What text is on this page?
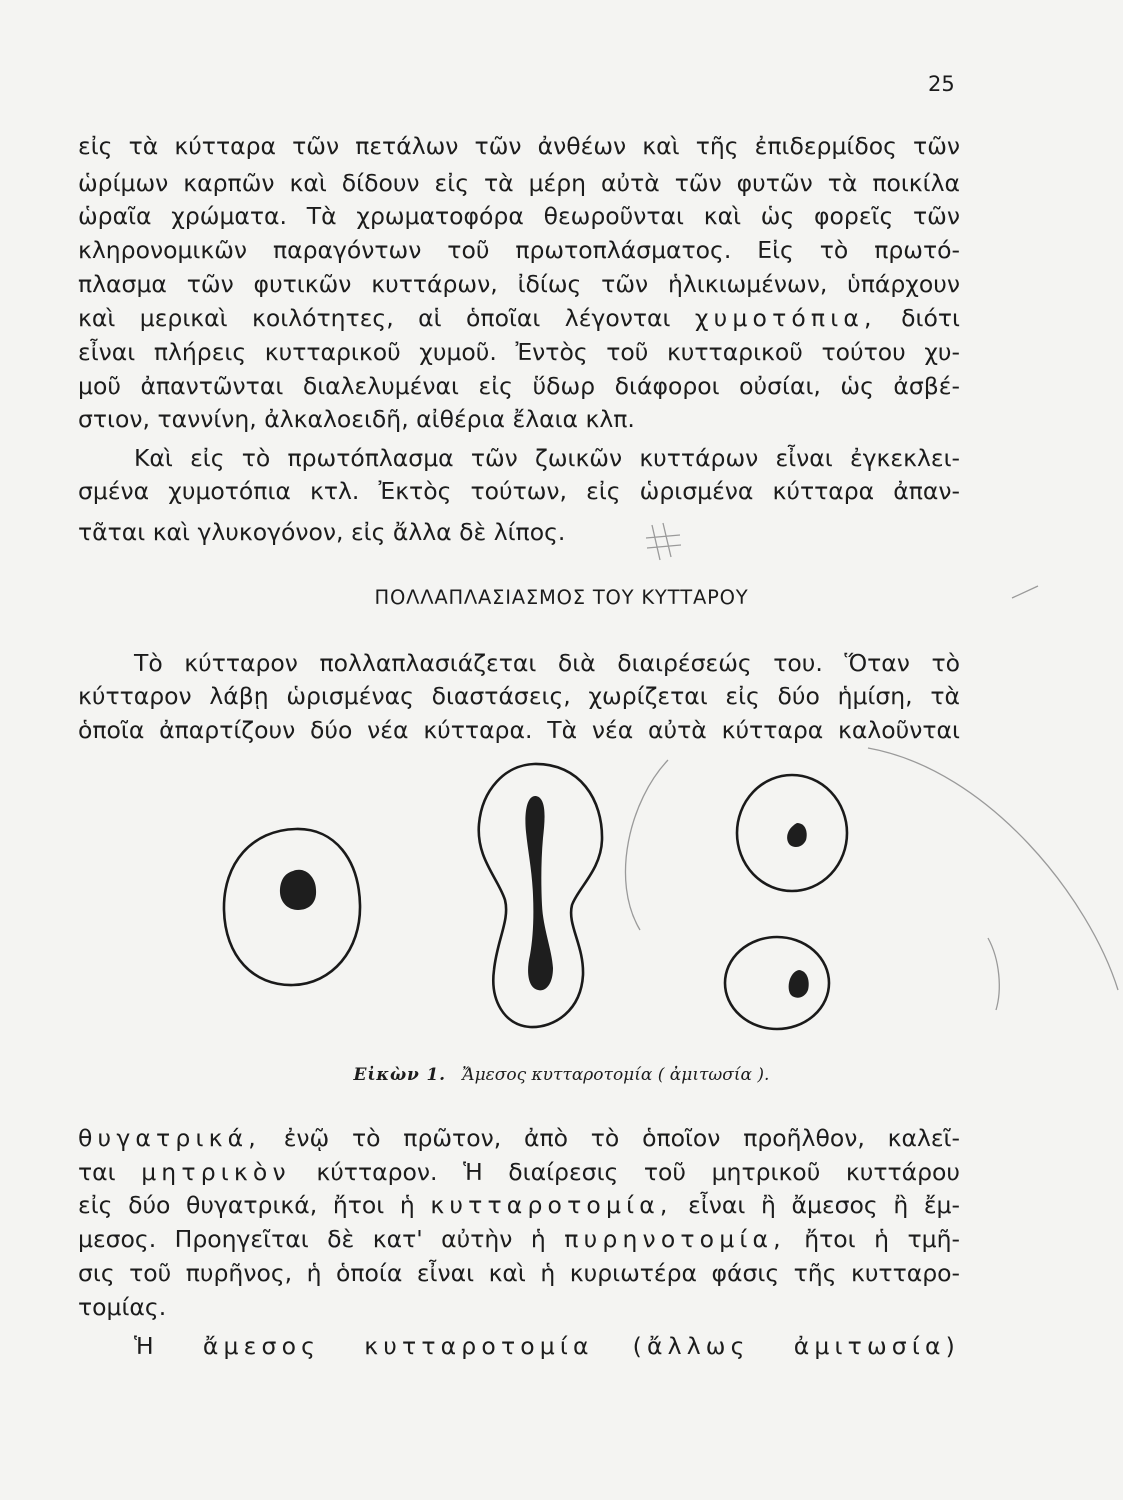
25
εἰς τὰ κύτταρα τῶν πετάλων τῶν ἀνθέων καὶ τῆς ἐπιδερμίδος τῶν
ὡρίμων καρπῶν καὶ δίδουν εἰς τὰ μέρη αὐτὰ τῶν φυτῶν τὰ ποικίλα
ὡραῖα χρώματα. Τὰ χρωματοφόρα θεωροῦνται καὶ ὡς φορεῖς τῶν
κληρονομικῶν παραγόντων τοῦ πρωτοπλάσματος. Εἰς τὸ πρωτό-
πλασμα τῶν φυτικῶν κυττάρων, ἰδίως τῶν ἡλικιωμένων, ὑπάρχουν
καὶ μερικαὶ κοιλότητες, αἱ ὁποῖαι λέγονται χυμοτόπια, διότι
εἶναι πλήρεις κυτταρικοῦ χυμοῦ. Ἐντὸς τοῦ κυτταρικοῦ τούτου χυ-
μοῦ ἀπαντῶνται διαλελυμέναι εἰς ὕδωρ διάφοροι οὐσίαι, ὡς ἀσβέ-
στιον, ταννίνη, ἀλκαλοειδῆ, αἰθέρια ἔλαια κλπ.
Καὶ εἰς τὸ πρωτόπλασμα τῶν ζωικῶν κυττάρων εἶναι ἐγκεκλει-
σμένα χυμοτόπια κτλ. Ἐκτὸς τούτων, εἰς ὡρισμένα κύτταρα ἀπαν-
τᾶται καὶ γλυκογόνον, εἰς ἄλλα δὲ λίπος.
ΠΟΛΛΑΠΛΑΣΙΑΣΜΟΣ ΤΟΥ ΚΥΤΤΑΡΟΥ
Τὸ κύτταρον πολλαπλασιάζεται διὰ διαιρέσεώς του. Ὅταν τὸ
κύτταρον λάβῃ ὡρισμένας διαστάσεις, χωρίζεται εἰς δύο ἡμίση, τὰ
ὁποῖα ἀπαρτίζουν δύο νέα κύτταρα. Τὰ νέα αὐτὰ κύτταρα καλοῦνται
Εἰκὼν 1. Ἄμεσος κυτταροτομία ( ἀμιτωσία ).
θυγατρικά, ἐνῷ τὸ πρῶτον, ἀπὸ τὸ ὁποῖον προῆλθον, καλεῖ-
ται μητρικὸν κύτταρον. Ἡ διαίρεσις τοῦ μητρικοῦ κυττάρου
εἰς δύο θυγατρικά, ἤτοι ἡ κυτταροτομία, εἶναι ἢ ἄμεσος ἢ ἔμ-
μεσος. Προηγεῖται δὲ κατ' αὐτὴν ἡ πυρηνοτομία, ἤτοι ἡ τμῆ-
σις τοῦ πυρῆνος, ἡ ὁποία εἶναι καὶ ἡ κυριωτέρα φάσις τῆς κυτταρο-
τομίας.
Ἡ ἄμεσος κυτταροτομία (ἄλλως ἀμιτωσία)
